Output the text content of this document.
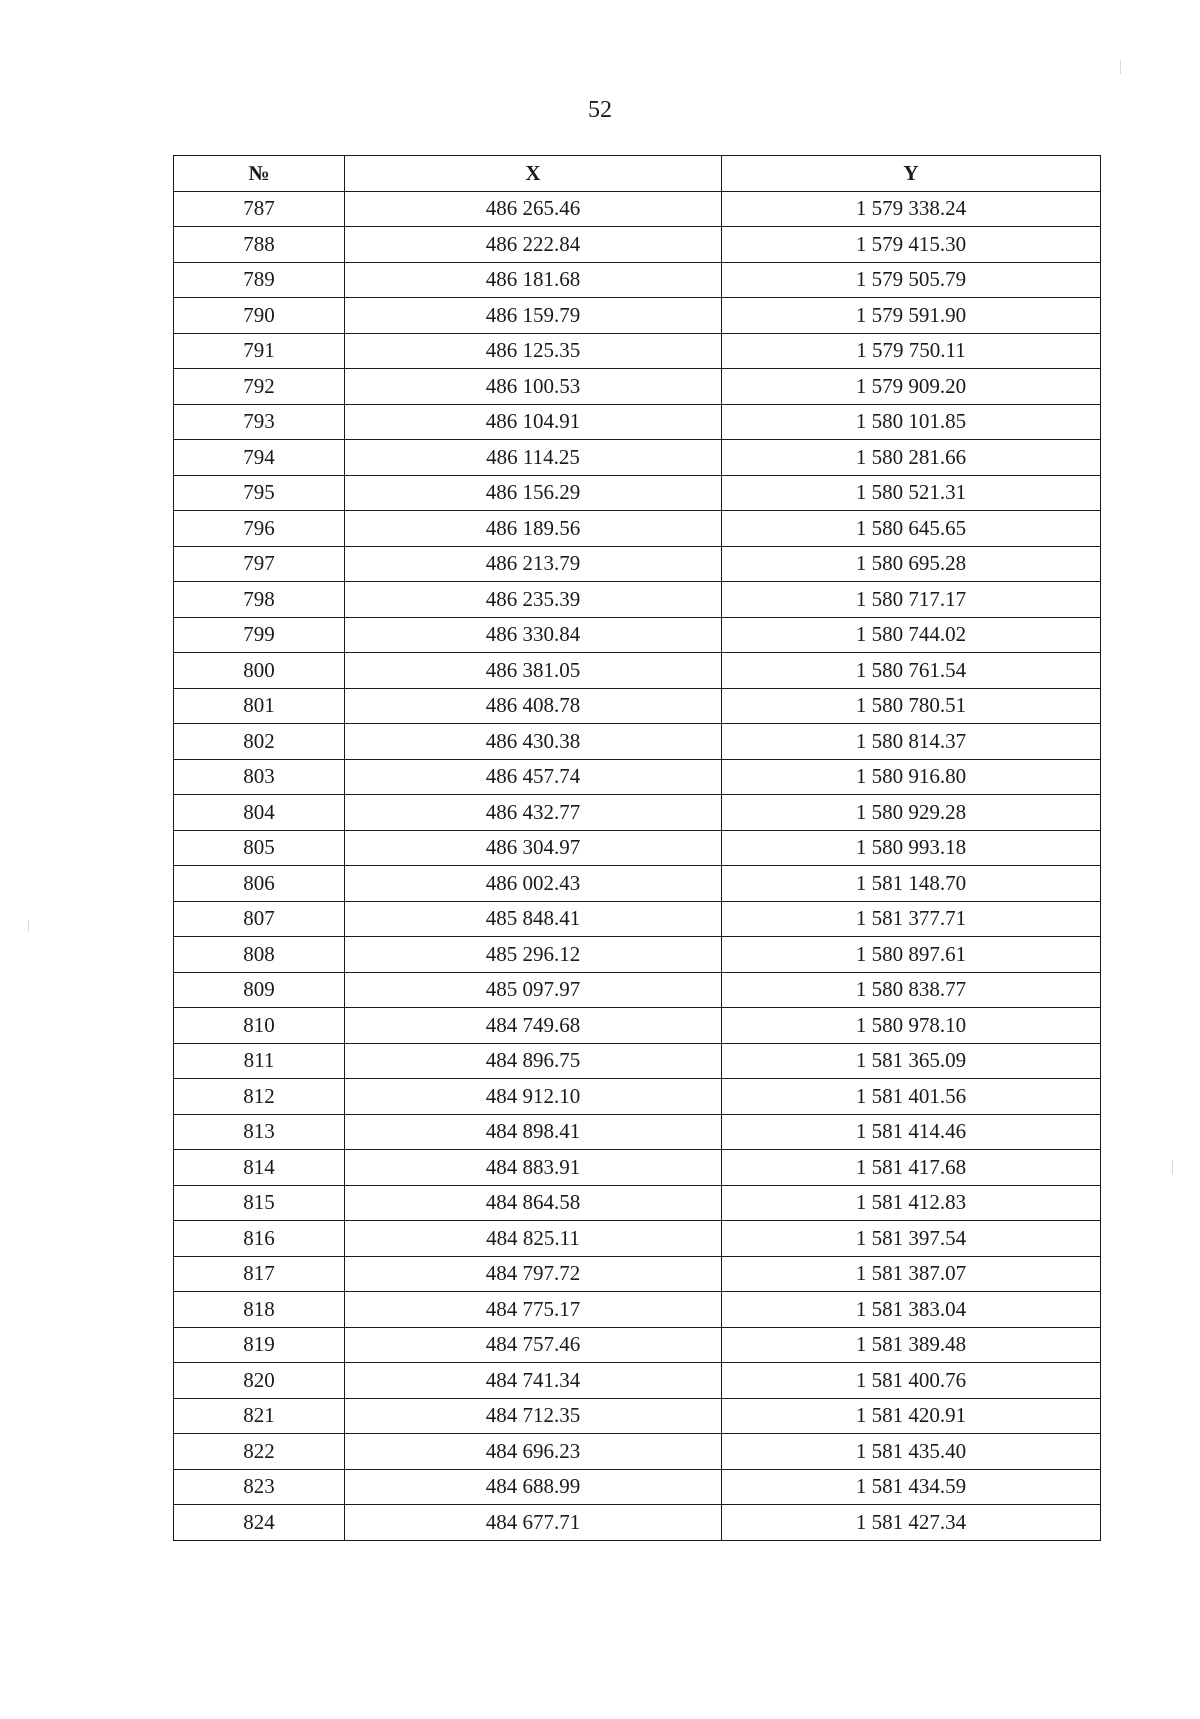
52
№	X	Y
787	486 265.46	1 579 338.24
788	486 222.84	1 579 415.30
789	486 181.68	1 579 505.79
790	486 159.79	1 579 591.90
791	486 125.35	1 579 750.11
792	486 100.53	1 579 909.20
793	486 104.91	1 580 101.85
794	486 114.25	1 580 281.66
795	486 156.29	1 580 521.31
796	486 189.56	1 580 645.65
797	486 213.79	1 580 695.28
798	486 235.39	1 580 717.17
799	486 330.84	1 580 744.02
800	486 381.05	1 580 761.54
801	486 408.78	1 580 780.51
802	486 430.38	1 580 814.37
803	486 457.74	1 580 916.80
804	486 432.77	1 580 929.28
805	486 304.97	1 580 993.18
806	486 002.43	1 581 148.70
807	485 848.41	1 581 377.71
808	485 296.12	1 580 897.61
809	485 097.97	1 580 838.77
810	484 749.68	1 580 978.10
811	484 896.75	1 581 365.09
812	484 912.10	1 581 401.56
813	484 898.41	1 581 414.46
814	484 883.91	1 581 417.68
815	484 864.58	1 581 412.83
816	484 825.11	1 581 397.54
817	484 797.72	1 581 387.07
818	484 775.17	1 581 383.04
819	484 757.46	1 581 389.48
820	484 741.34	1 581 400.76
821	484 712.35	1 581 420.91
822	484 696.23	1 581 435.40
823	484 688.99	1 581 434.59
824	484 677.71	1 581 427.34
